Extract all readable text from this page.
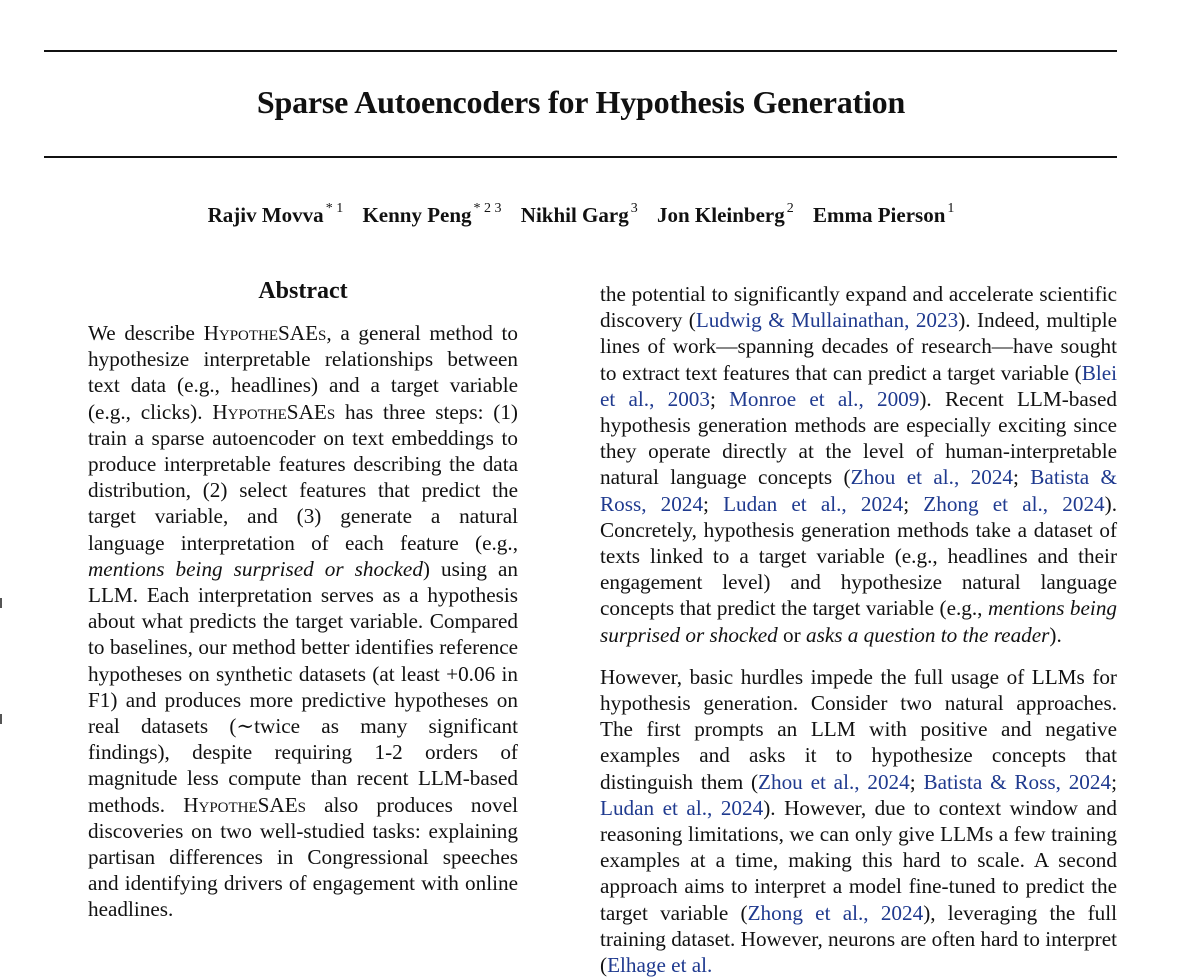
Sparse Autoencoders for Hypothesis Generation
Rajiv Movva $^{* 1}$ Kenny Peng $^{* 2 3}$ Nikhil Garg $^3$ Jon Kleinberg $^2$ Emma Pierson $^1$
Abstract

We describe HypotheSAEs, a general method to hypothesize interpretable relationships between text data (e.g., headlines) and a target variable (e.g., clicks). HypotheSAEs has three steps: (1) train a sparse autoencoder on text embeddings to produce interpretable features describing the data distribution, (2) select features that predict the target variable, and (3) generate a natural language interpretation of each feature (e.g., mentions being surprised or shocked) using an LLM. Each interpretation serves as a hypothesis about what predicts the target variable. Compared to baselines, our method better identifies reference hypotheses on synthetic datasets (at least +0.06 in F1) and produces more predictive hypotheses on real datasets (∼twice as many significant findings), despite requiring 1-2 orders of magnitude less compute than recent LLM-based methods. HypotheSAEs also produces novel discoveries on two well-studied tasks: explaining partisan differences in Congressional speeches and identifying drivers of engagement with online headlines.

the potential to significantly expand and accelerate scientific discovery (Ludwig & Mullainathan, 2023). Indeed, multiple lines of work—spanning decades of research—have sought to extract text features that can predict a target variable (Blei et al., 2003; Monroe et al., 2009). Recent LLM-based hypothesis generation methods are especially exciting since they operate directly at the level of human-interpretable natural language concepts (Zhou et al., 2024; Batista & Ross, 2024; Ludan et al., 2024; Zhong et al., 2024). Concretely, hypothesis generation methods take a dataset of texts linked to a target variable (e.g., headlines and their engagement level) and hypothesize natural language concepts that predict the target variable (e.g., mentions being surprised or shocked or asks a question to the reader).

However, basic hurdles impede the full usage of LLMs for hypothesis generation. Consider two natural approaches. The first prompts an LLM with positive and negative examples and asks it to hypothesize concepts that distinguish them (Zhou et al., 2024; Batista & Ross, 2024; Ludan et al., 2024). However, due to context window and reasoning limitations, we can only give LLMs a few training examples at a time, making this hard to scale. A second approach aims to interpret a model fine-tuned to predict the target variable (Zhong et al., 2024), leveraging the full training dataset. However, neurons are often hard to interpret (Elhage et al.
